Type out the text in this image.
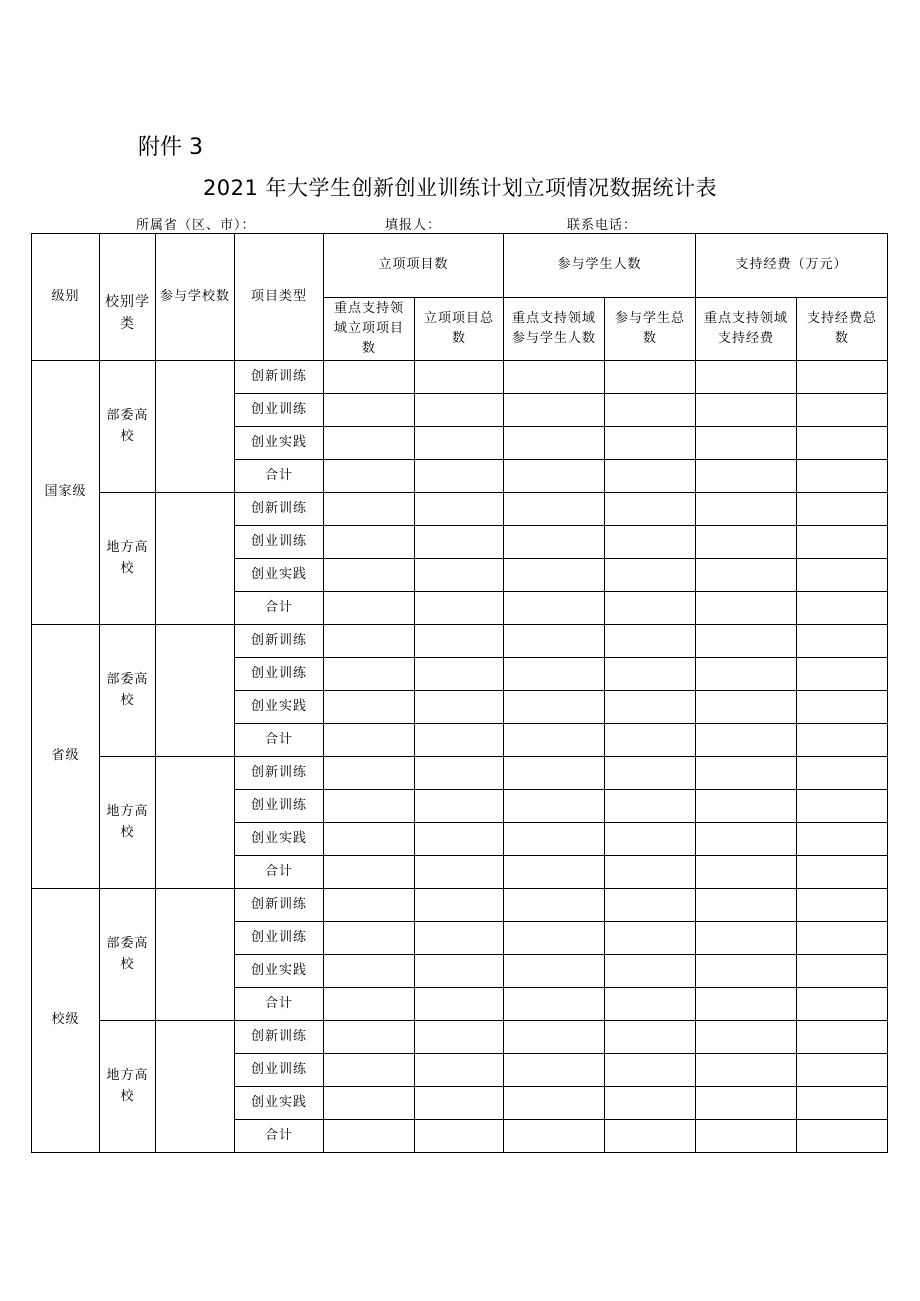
附件 3
2021 年大学生创新创业训练计划立项情况数据统计表
所属省（区、市）：	填报人：	联系电话：
级别	校别学类	参与学校数	项目类型	立项项目数		参与学生人数		支持经费（万元）	
				重点支持领域立项项目数	立项项目总数	重点支持领域参与学生人数	参与学生总数	重点支持领域支持经费	支持经费总数
国家级	部委高校		创新训练						
			创业训练						
			创业实践						
			合计						
	地方高校		创新训练						
			创业训练						
			创业实践						
			合计						
省级	部委高校		创新训练						
			创业训练						
			创业实践						
			合计						
	地方高校		创新训练						
			创业训练						
			创业实践						
			合计						
校级	部委高校		创新训练						
			创业训练						
			创业实践						
			合计						
	地方高校		创新训练						
			创业训练						
			创业实践						
			合计						
